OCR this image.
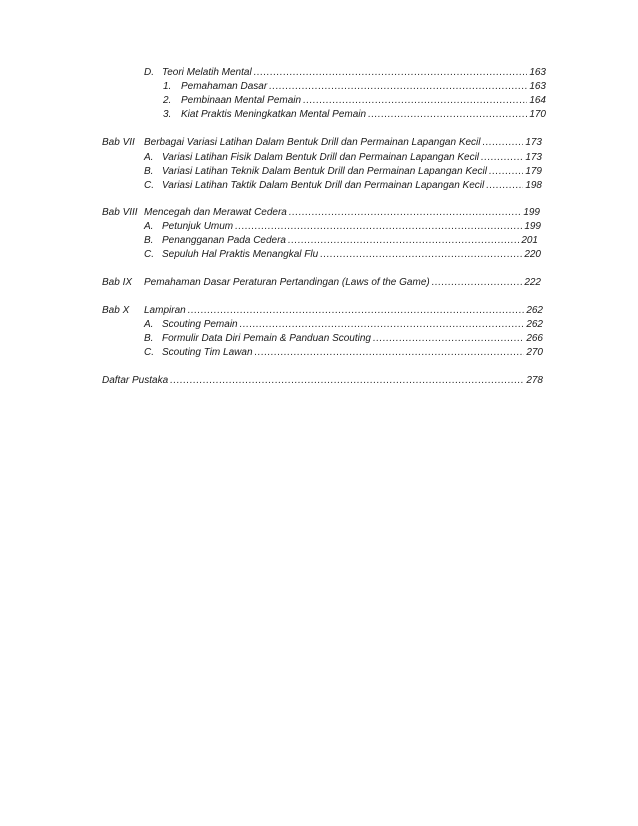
D. Teori Melatih Mental .....	163
1. Pemahaman Dasar .....	163
2. Pembinaan Mental Pemain .....	164
3. Kiat Praktis Meningkatkan Mental Pemain .....	170
Bab VII Berbagai Variasi Latihan Dalam Bentuk Drill dan Permainan Lapangan Kecil .....	173
A. Variasi Latihan Fisik Dalam Bentuk Drill dan Permainan Lapangan Kecil .....	173
B. Variasi Latihan Teknik Dalam Bentuk Drill dan Permainan Lapangan Kecil .....	179
C. Variasi Latihan Taktik Dalam Bentuk Drill dan Permainan Lapangan Kecil .....	198
Bab VIII Mencegah dan Merawat Cedera .....	199
A. Petunjuk Umum .....	199
B. Penangganan Pada Cedera .....	201
C. Sepuluh Hal Praktis Menangkal Flu .....	220
Bab IX Pemahaman Dasar Peraturan Pertandingan (Laws of the Game) .....	222
Bab X Lampiran .....	262
A. Scouting Pemain .....	262
B. Formulir Data Diri Pemain & Panduan Scouting .....	266
C. Scouting Tim Lawan .....	270
Daftar Pustaka .....	278
